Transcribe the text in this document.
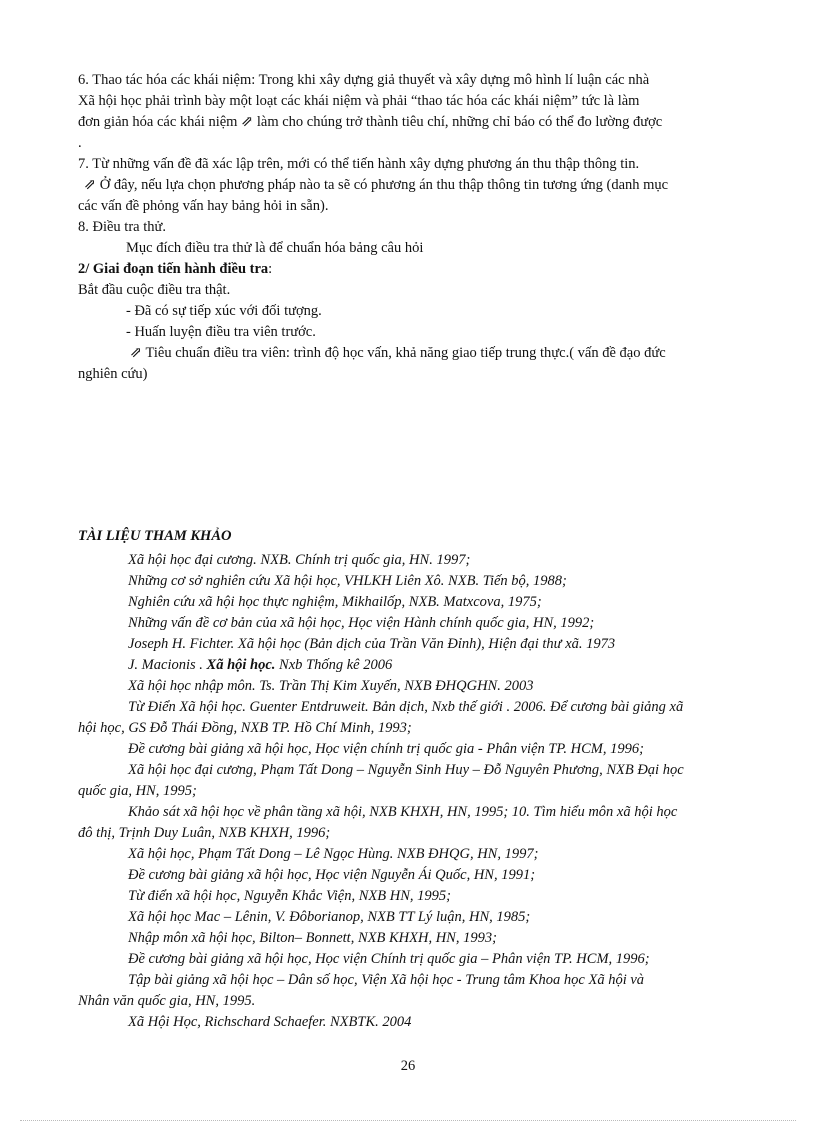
6. Thao tác hóa các khái niệm: Trong khi xây dựng giả thuyết và xây dựng mô hình lí luận các nhà

Xã hội học phải trình bày một loạt các khái niệm và phải “thao tác hóa các khái niệm” tức là làm

đơn giản hóa các khái niệm ⇗ làm cho chúng trở thành tiêu chí, những chỉ báo có thể đo lường được

.

7. Từ những vấn đề đã xác lập trên, mới có thể tiến hành xây dựng phương án thu thập thông tin.

⇗ Ở đây, nếu lựa chọn phương pháp nào ta sẽ có phương án thu thập thông tin tương ứng (danh mục

các vấn đề phỏng vấn hay bảng hỏi in sẵn).

8. Điều tra thử.

Mục đích điều tra thử là để chuẩn hóa bảng câu hỏi

2/ Giai đoạn tiến hành điều tra:

Bắt đầu cuộc điều tra thật.

- Đã có sự tiếp xúc với đối tượng.

- Huấn luyện điều tra viên trước.

⇗ Tiêu chuẩn điều tra viên: trình độ học vấn, khả năng giao tiếp trung thực.( vấn đề đạo đức

nghiên cứu)

TÀI LIỆU THAM KHẢO

Xã hội học đại cương. NXB. Chính trị quốc gia, HN. 1997;

Những cơ sở nghiên cứu Xã hội học, VHLKH Liên Xô. NXB. Tiến bộ, 1988;

Nghiên cứu xã hội học thực nghiệm, Mikhailốp, NXB. Matxcova, 1975;

Những vấn đề cơ bản của xã hội học, Học viện Hành chính quốc gia, HN, 1992;

Joseph H. Fichter. Xã hội học (Bản dịch của Trần Văn Đỉnh), Hiện đại thư xã. 1973

J. Macionis . Xã hội học. Nxb Thống kê 2006

Xã hội học nhập môn. Ts. Trần Thị Kim Xuyến, NXB ĐHQGHN. 2003

Từ Điển Xã hội học. Guenter Entdruweit. Bản dịch, Nxb thế giới . 2006. Để cương bài giảng xã

hội học, GS Đỗ Thái Đồng, NXB TP. Hồ Chí Minh, 1993;

Đề cương bài giảng xã hội học, Học viện chính trị quốc gia - Phân viện TP. HCM, 1996;

Xã hội học đại cương, Phạm Tất Dong – Nguyễn Sinh Huy – Đỗ Nguyên Phương, NXB Đại học

quốc gia, HN, 1995;

Khảo sát xã hội học về phân tầng xã hội, NXB KHXH, HN, 1995; 10. Tìm hiểu môn xã hội học

đô thị, Trịnh Duy Luân, NXB KHXH, 1996;

Xã hội học, Phạm Tất Dong – Lê Ngọc Hùng. NXB ĐHQG, HN, 1997;

Đề cương bài giảng xã hội học, Học viện Nguyễn Ái Quốc, HN, 1991;

Từ điển xã hội học, Nguyễn Khắc Viện, NXB HN, 1995;

Xã hội học Mac – Lênin, V. Đôborianop, NXB TT Lý luận, HN, 1985;

Nhập môn xã hội học, Bilton– Bonnett, NXB KHXH, HN, 1993;

Đề cương bài giảng xã hội học, Học viện Chính trị quốc gia – Phân viện TP. HCM, 1996;

Tập bài giảng xã hội học – Dân số học, Viện Xã hội học - Trung tâm Khoa học Xã hội và

Nhân văn quốc gia, HN, 1995.

Xã Hội Học, Richschard Schaefer. NXBTK. 2004

26
